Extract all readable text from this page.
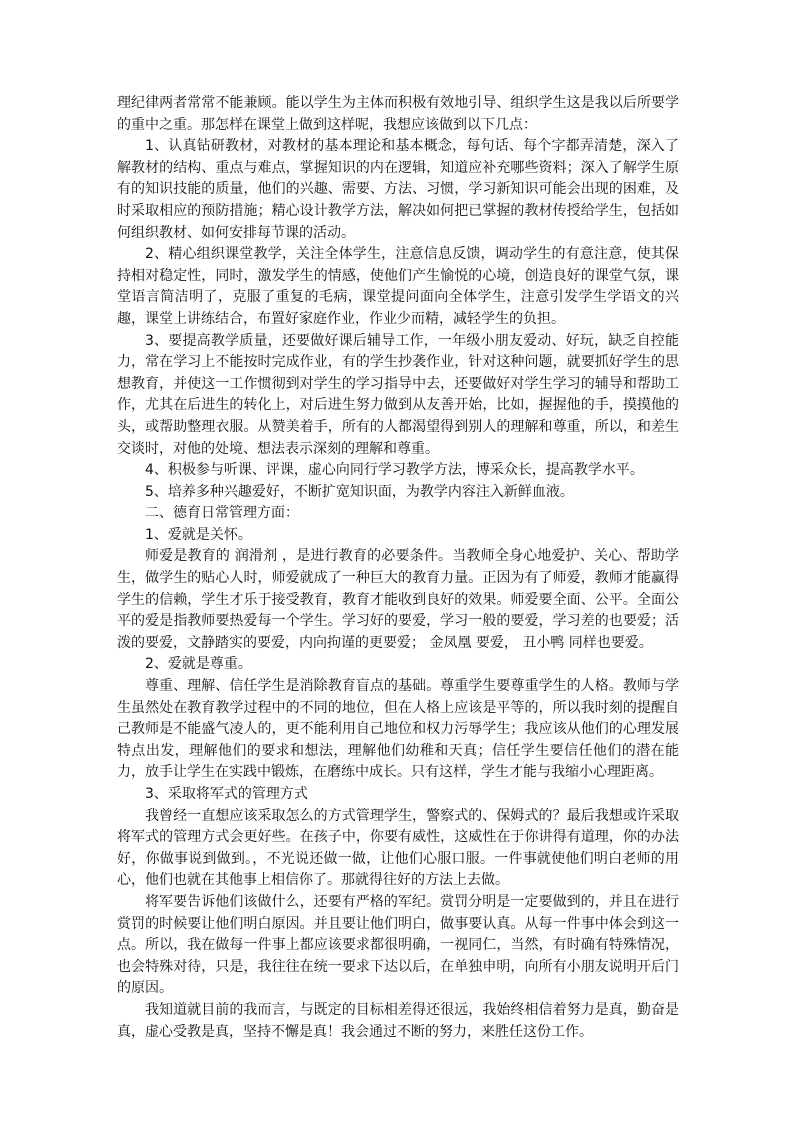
理纪律两者常常不能兼顾。能以学生为主体而积极有效地引导、组织学生这是我以后所要学的重中之重。那怎样在课堂上做到这样呢，我想应该做到以下几点：

1、认真钻研教材，对教材的基本理论和基本概念，每句话、每个字都弄清楚，深入了解教材的结构、重点与难点，掌握知识的内在逻辑，知道应补充哪些资料；深入了解学生原有的知识技能的质量，他们的兴趣、需要、方法、习惯，学习新知识可能会出现的困难，及时采取相应的预防措施；精心设计教学方法，解决如何把已掌握的教材传授给学生，包括如何组织教材、如何安排每节课的活动。

2、精心组织课堂教学，关注全体学生，注意信息反馈，调动学生的有意注意，使其保持相对稳定性，同时，激发学生的情感，使他们产生愉悦的心境，创造良好的课堂气氛，课堂语言简洁明了，克服了重复的毛病，课堂提问面向全体学生，注意引发学生学语文的兴趣，课堂上讲练结合，布置好家庭作业，作业少而精，减轻学生的负担。

3、要提高教学质量，还要做好课后辅导工作，一年级小朋友爱动、好玩，缺乏自控能力，常在学习上不能按时完成作业，有的学生抄袭作业，针对这种问题，就要抓好学生的思想教育，并使这一工作惯彻到对学生的学习指导中去，还要做好对学生学习的辅导和帮助工作，尤其在后进生的转化上，对后进生努力做到从友善开始，比如，握握他的手，摸摸他的头，或帮助整理衣服。从赞美着手，所有的人都渴望得到别人的理解和尊重，所以，和差生交谈时，对他的处境、想法表示深刻的理解和尊重。

4、积极参与听课、评课，虚心向同行学习教学方法，博采众长，提高教学水平。

5、培养多种兴趣爱好，不断扩宽知识面，为教学内容注入新鲜血液。

二、德育日常管理方面：

1、爱就是关怀。

师爱是教育的 润滑剂 ，是进行教育的必要条件。当教师全身心地爱护、关心、帮助学生，做学生的贴心人时，师爱就成了一种巨大的教育力量。正因为有了师爱，教师才能赢得学生的信赖，学生才乐于接受教育，教育才能收到良好的效果。师爱要全面、公平。全面公平的爱是指教师要热爱每一个学生。学习好的要爱，学习一般的要爱，学习差的也要爱；活泼的要爱，文静踏实的要爱，内向拘谨的更要爱； 金凤凰 要爱， 丑小鸭 同样也要爱。

2、爱就是尊重。

尊重、理解、信任学生是消除教育盲点的基础。尊重学生要尊重学生的人格。教师与学生虽然处在教育教学过程中的不同的地位，但在人格上应该是平等的，所以我时刻的提醒自己教师是不能盛气凌人的，更不能利用自己地位和权力污辱学生；我应该从他们的心理发展特点出发，理解他们的要求和想法，理解他们幼稚和天真；信任学生要信任他们的潜在能力，放手让学生在实践中锻炼，在磨练中成长。只有这样，学生才能与我缩小心理距离。

3、采取将军式的管理方式

我曾经一直想应该采取怎么的方式管理学生，警察式的、保姆式的？最后我想或许采取将军式的管理方式会更好些。在孩子中，你要有威性，这威性在于你讲得有道理，你的办法好，你做事说到做到。，不光说还做一做，让他们心服口服。一件事就使他们明白老师的用心，他们也就在其他事上相信你了。那就得往好的方法上去做。

将军要告诉他们该做什么，还要有严格的军纪。赏罚分明是一定要做到的，并且在进行赏罚的时候要让他们明白原因。并且要让他们明白，做事要认真。从每一件事中体会到这一点。所以，我在做每一件事上都应该要求都很明确，一视同仁，当然，有时确有特殊情况，也会特殊对待，只是，我往往在统一要求下达以后，在单独申明，向所有小朋友说明开后门的原因。

我知道就目前的我而言，与既定的目标相差得还很远，我始终相信着努力是真，勤奋是真，虚心受教是真，坚持不懈是真！我会通过不断的努力，来胜任这份工作。
